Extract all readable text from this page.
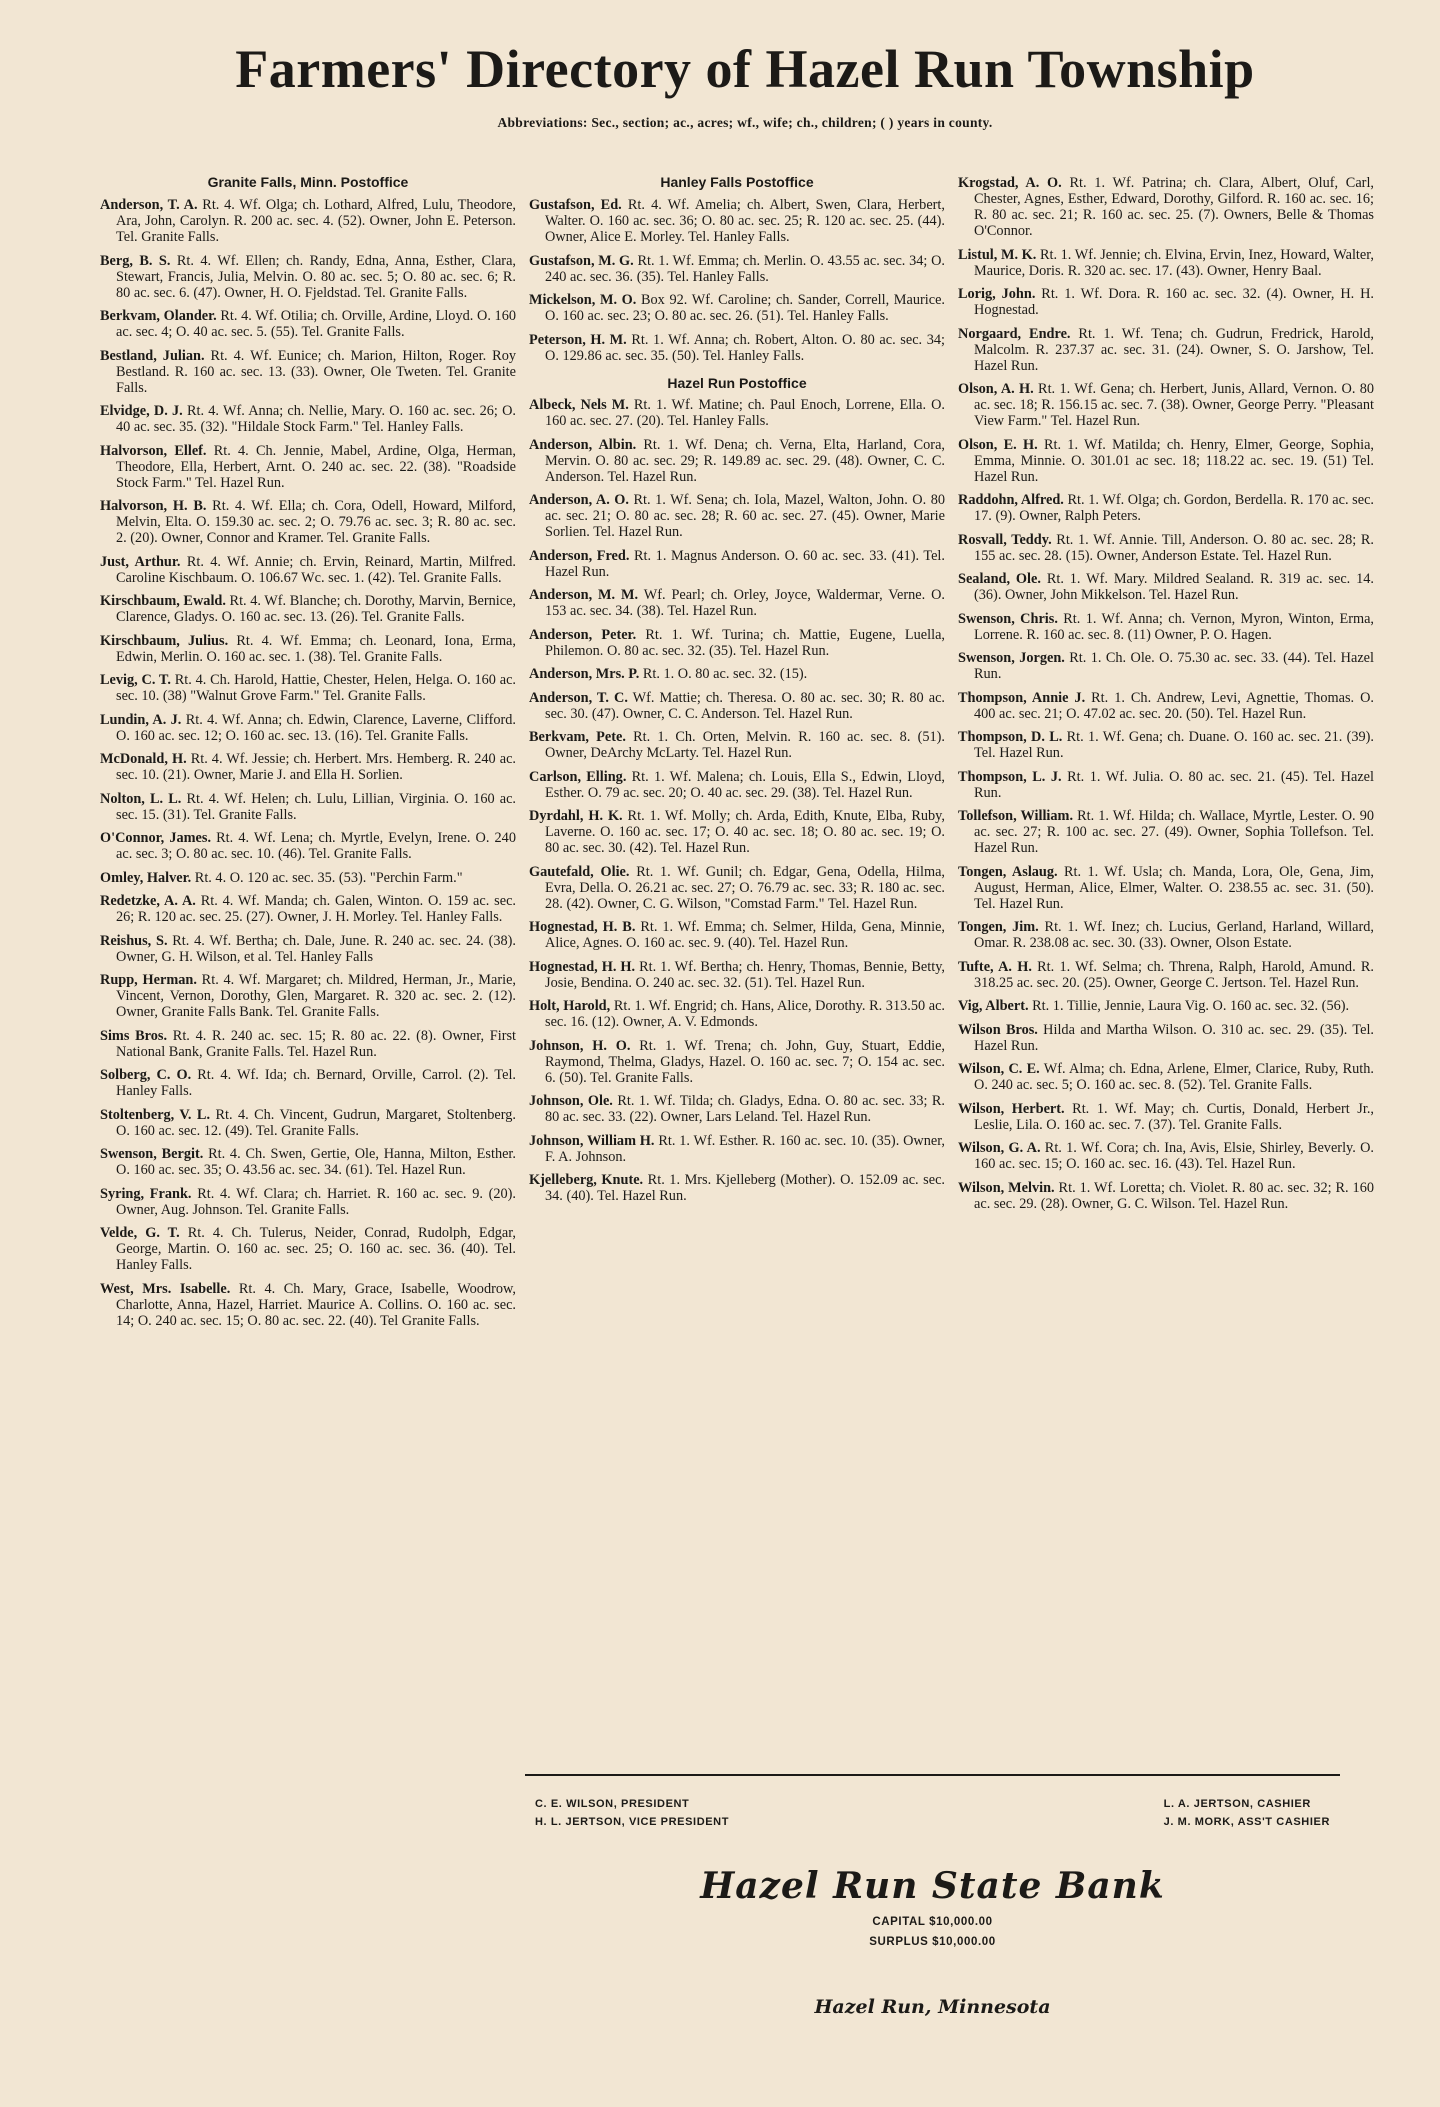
Farmers' Directory of Hazel Run Township
Abbreviations: Sec., section; ac., acres; wf., wife; ch., children; ( ) years in county.
Granite Falls, Minn. Postoffice

Anderson, T. A. Rt. 4. Wf. Olga; ch. Lothard, Alfred, Lulu, Theodore, Ara, John, Carolyn. R. 200 ac. sec. 4. (52). Owner, John E. Peterson. Tel. Granite Falls.

Berg, B. S. Rt. 4. Wf. Ellen; ch. Randy, Edna, Anna, Esther, Clara, Stewart, Francis, Julia, Melvin. O. 80 ac. sec. 5; O. 80 ac. sec. 6; R. 80 ac. sec. 6. (47). Owner, H. O. Fjeldstad. Tel. Granite Falls.

Berkvam, Olander. Rt. 4. Wf. Otilia; ch. Orville, Ardine, Lloyd. O. 160 ac. sec. 4; O. 40 ac. sec. 5. (55). Tel. Granite Falls.

Bestland, Julian. Rt. 4. Wf. Eunice; ch. Marion, Hilton, Roger. Roy Bestland. R. 160 ac. sec. 13. (33). Owner, Ole Tweten. Tel. Granite Falls.

Elvidge, D. J. Rt. 4. Wf. Anna; ch. Nellie, Mary. O. 160 ac. sec. 26; O. 40 ac. sec. 35. (32). "Hildale Stock Farm." Tel. Hanley Falls.

Halvorson, Ellef. Rt. 4. Ch. Jennie, Mabel, Ardine, Olga, Herman, Theodore, Ella, Herbert, Arnt. O. 240 ac. sec. 22. (38). "Roadside Stock Farm." Tel. Hazel Run.

Halvorson, H. B. Rt. 4. Wf. Ella; ch. Cora, Odell, Howard, Milford, Melvin, Elta. O. 159.30 ac. sec. 2; O. 79.76 ac. sec. 3; R. 80 ac. sec. 2. (20). Owner, Connor and Kramer. Tel. Granite Falls.

Just, Arthur. Rt. 4. Wf. Annie; ch. Ervin, Reinard, Martin, Milfred. Caroline Kischbaum. O. 106.67 Wc. sec. 1. (42). Tel. Granite Falls.

Kirschbaum, Ewald. Rt. 4. Wf. Blanche; ch. Dorothy, Marvin, Bernice, Clarence, Gladys. O. 160 ac. sec. 13. (26). Tel. Granite Falls.

Kirschbaum, Julius. Rt. 4. Wf. Emma; ch. Leonard, Iona, Erma, Edwin, Merlin. O. 160 ac. sec. 1. (38). Tel. Granite Falls.

Levig, C. T. Rt. 4. Ch. Harold, Hattie, Chester, Helen, Helga. O. 160 ac. sec. 10. (38) "Walnut Grove Farm." Tel. Granite Falls.

Lundin, A. J. Rt. 4. Wf. Anna; ch. Edwin, Clarence, Laverne, Clifford. O. 160 ac. sec. 12; O. 160 ac. sec. 13. (16). Tel. Granite Falls.

McDonald, H. Rt. 4. Wf. Jessie; ch. Herbert. Mrs. Hemberg. R. 240 ac. sec. 10. (21). Owner, Marie J. and Ella H. Sorlien.

Nolton, L. L. Rt. 4. Wf. Helen; ch. Lulu, Lillian, Virginia. O. 160 ac. sec. 15. (31). Tel. Granite Falls.

O'Connor, James. Rt. 4. Wf. Lena; ch. Myrtle, Evelyn, Irene. O. 240 ac. sec. 3; O. 80 ac. sec. 10. (46). Tel. Granite Falls.

Omley, Halver. Rt. 4. O. 120 ac. sec. 35. (53). "Perchin Farm."

Redetzke, A. A. Rt. 4. Wf. Manda; ch. Galen, Winton. O. 159 ac. sec. 26; R. 120 ac. sec. 25. (27). Owner, J. H. Morley. Tel. Hanley Falls.

Reishus, S. Rt. 4. Wf. Bertha; ch. Dale, June. R. 240 ac. sec. 24. (38). Owner, G. H. Wilson, et al. Tel. Hanley Falls

Rupp, Herman. Rt. 4. Wf. Margaret; ch. Mildred, Herman, Jr., Marie, Vincent, Vernon, Dorothy, Glen, Margaret. R. 320 ac. sec. 2. (12). Owner, Granite Falls Bank. Tel. Granite Falls.

Sims Bros. Rt. 4. R. 240 ac. sec. 15; R. 80 ac. 22. (8). Owner, First National Bank, Granite Falls. Tel. Hazel Run.

Solberg, C. O. Rt. 4. Wf. Ida; ch. Bernard, Orville, Carrol. (2). Tel. Hanley Falls.

Stoltenberg, V. L. Rt. 4. Ch. Vincent, Gudrun, Margaret, Stoltenberg. O. 160 ac. sec. 12. (49). Tel. Granite Falls.

Swenson, Bergit. Rt. 4. Ch. Swen, Gertie, Ole, Hanna, Milton, Esther. O. 160 ac. sec. 35; O. 43.56 ac. sec. 34. (61). Tel. Hazel Run.

Syring, Frank. Rt. 4. Wf. Clara; ch. Harriet. R. 160 ac. sec. 9. (20). Owner, Aug. Johnson. Tel. Granite Falls.

Velde, G. T. Rt. 4. Ch. Tulerus, Neider, Conrad, Rudolph, Edgar, George, Martin. O. 160 ac. sec. 25; O. 160 ac. sec. 36. (40). Tel. Hanley Falls.

West, Mrs. Isabelle. Rt. 4. Ch. Mary, Grace, Isabelle, Woodrow, Charlotte, Anna, Hazel, Harriet. Maurice A. Collins. O. 160 ac. sec. 14; O. 240 ac. sec. 15; O. 80 ac. sec. 22. (40). Tel Granite Falls.

Hanley Falls Postoffice

Gustafson, Ed. Rt. 4. Wf. Amelia; ch. Albert, Swen, Clara, Herbert, Walter. O. 160 ac. sec. 36; O. 80 ac. sec. 25; R. 120 ac. sec. 25. (44). Owner, Alice E. Morley. Tel. Hanley Falls.

Gustafson, M. G. Rt. 1. Wf. Emma; ch. Merlin. O. 43.55 ac. sec. 34; O. 240 ac. sec. 36. (35). Tel. Hanley Falls.

Mickelson, M. O. Box 92. Wf. Caroline; ch. Sander, Correll, Maurice. O. 160 ac. sec. 23; O. 80 ac. sec. 26. (51). Tel. Hanley Falls.

Peterson, H. M. Rt. 1. Wf. Anna; ch. Robert, Alton. O. 80 ac. sec. 34; O. 129.86 ac. sec. 35. (50). Tel. Hanley Falls.

Hazel Run Postoffice

Albeck, Nels M. Rt. 1. Wf. Matine; ch. Paul Enoch, Lorrene, Ella. O. 160 ac. sec. 27. (20). Tel. Hanley Falls.

Anderson, Albin. Rt. 1. Wf. Dena; ch. Verna, Elta, Harland, Cora, Mervin. O. 80 ac. sec. 29; R. 149.89 ac. sec. 29. (48). Owner, C. C. Anderson. Tel. Hazel Run.

Anderson, A. O. Rt. 1. Wf. Sena; ch. Iola, Mazel, Walton, John. O. 80 ac. sec. 21; O. 80 ac. sec. 28; R. 60 ac. sec. 27. (45). Owner, Marie Sorlien. Tel. Hazel Run.

Anderson, Fred. Rt. 1. Magnus Anderson. O. 60 ac. sec. 33. (41). Tel. Hazel Run.

Anderson, M. M. Wf. Pearl; ch. Orley, Joyce, Waldermar, Verne. O. 153 ac. sec. 34. (38). Tel. Hazel Run.

Anderson, Peter. Rt. 1. Wf. Turina; ch. Mattie, Eugene, Luella, Philemon. O. 80 ac. sec. 32. (35). Tel. Hazel Run.

Anderson, Mrs. P. Rt. 1. O. 80 ac. sec. 32. (15).

Anderson, T. C. Wf. Mattie; ch. Theresa. O. 80 ac. sec. 30; R. 80 ac. sec. 30. (47). Owner, C. C. Anderson. Tel. Hazel Run.

Berkvam, Pete. Rt. 1. Ch. Orten, Melvin. R. 160 ac. sec. 8. (51). Owner, DeArchy McLarty. Tel. Hazel Run.

Carlson, Elling. Rt. 1. Wf. Malena; ch. Louis, Ella S., Edwin, Lloyd, Esther. O. 79 ac. sec. 20; O. 40 ac. sec. 29. (38). Tel. Hazel Run.

Dyrdahl, H. K. Rt. 1. Wf. Molly; ch. Arda, Edith, Knute, Elba, Ruby, Laverne. O. 160 ac. sec. 17; O. 40 ac. sec. 18; O. 80 ac. sec. 19; O. 80 ac. sec. 30. (42). Tel. Hazel Run.

Gautefald, Olie. Rt. 1. Wf. Gunil; ch. Edgar, Gena, Odella, Hilma, Evra, Della. O. 26.21 ac. sec. 27; O. 76.79 ac. sec. 33; R. 180 ac. sec. 28. (42). Owner, C. G. Wilson, "Comstad Farm." Tel. Hazel Run.

Hognestad, H. B. Rt. 1. Wf. Emma; ch. Selmer, Hilda, Gena, Minnie, Alice, Agnes. O. 160 ac. sec. 9. (40). Tel. Hazel Run.

Hognestad, H. H. Rt. 1. Wf. Bertha; ch. Henry, Thomas, Bennie, Betty, Josie, Bendina. O. 240 ac. sec. 32. (51). Tel. Hazel Run.

Holt, Harold, Rt. 1. Wf. Engrid; ch. Hans, Alice, Dorothy. R. 313.50 ac. sec. 16. (12). Owner, A. V. Edmonds.

Johnson, H. O. Rt. 1. Wf. Trena; ch. John, Guy, Stuart, Eddie, Raymond, Thelma, Gladys, Hazel. O. 160 ac. sec. 7; O. 154 ac. sec. 6. (50). Tel. Granite Falls.

Johnson, Ole. Rt. 1. Wf. Tilda; ch. Gladys, Edna. O. 80 ac. sec. 33; R. 80 ac. sec. 33. (22). Owner, Lars Leland. Tel. Hazel Run.

Johnson, William H. Rt. 1. Wf. Esther. R. 160 ac. sec. 10. (35). Owner, F. A. Johnson.

Kjelleberg, Knute. Rt. 1. Mrs. Kjelleberg (Mother). O. 152.09 ac. sec. 34. (40). Tel. Hazel Run.

Krogstad, A. O. Rt. 1. Wf. Patrina; ch. Clara, Albert, Oluf, Carl, Chester, Agnes, Esther, Edward, Dorothy, Gilford. R. 160 ac. sec. 16; R. 80 ac. sec. 21; R. 160 ac. sec. 25. (7). Owners, Belle & Thomas O'Connor.

Listul, M. K. Rt. 1. Wf. Jennie; ch. Elvina, Ervin, Inez, Howard, Walter, Maurice, Doris. R. 320 ac. sec. 17. (43). Owner, Henry Baal.

Lorig, John. Rt. 1. Wf. Dora. R. 160 ac. sec. 32. (4). Owner, H. H. Hognestad.

Norgaard, Endre. Rt. 1. Wf. Tena; ch. Gudrun, Fredrick, Harold, Malcolm. R. 237.37 ac. sec. 31. (24). Owner, S. O. Jarshow, Tel. Hazel Run.

Olson, A. H. Rt. 1. Wf. Gena; ch. Herbert, Junis, Allard, Vernon. O. 80 ac. sec. 18; R. 156.15 ac. sec. 7. (38). Owner, George Perry. "Pleasant View Farm." Tel. Hazel Run.

Olson, E. H. Rt. 1. Wf. Matilda; ch. Henry, Elmer, George, Sophia, Emma, Minnie. O. 301.01 ac sec. 18; 118.22 ac. sec. 19. (51) Tel. Hazel Run.

Raddohn, Alfred. Rt. 1. Wf. Olga; ch. Gordon, Berdella. R. 170 ac. sec. 17. (9). Owner, Ralph Peters.

Rosvall, Teddy. Rt. 1. Wf. Annie. Till, Anderson. O. 80 ac. sec. 28; R. 155 ac. sec. 28. (15). Owner, Anderson Estate. Tel. Hazel Run.

Sealand, Ole. Rt. 1. Wf. Mary. Mildred Sealand. R. 319 ac. sec. 14. (36). Owner, John Mikkelson. Tel. Hazel Run.

Swenson, Chris. Rt. 1. Wf. Anna; ch. Vernon, Myron, Winton, Erma, Lorrene. R. 160 ac. sec. 8. (11) Owner, P. O. Hagen.

Swenson, Jorgen. Rt. 1. Ch. Ole. O. 75.30 ac. sec. 33. (44). Tel. Hazel Run.

Thompson, Annie J. Rt. 1. Ch. Andrew, Levi, Agnettie, Thomas. O. 400 ac. sec. 21; O. 47.02 ac. sec. 20. (50). Tel. Hazel Run.

Thompson, D. L. Rt. 1. Wf. Gena; ch. Duane. O. 160 ac. sec. 21. (39). Tel. Hazel Run.

Thompson, L. J. Rt. 1. Wf. Julia. O. 80 ac. sec. 21. (45). Tel. Hazel Run.

Tollefson, William. Rt. 1. Wf. Hilda; ch. Wallace, Myrtle, Lester. O. 90 ac. sec. 27; R. 100 ac. sec. 27. (49). Owner, Sophia Tollefson. Tel. Hazel Run.

Tongen, Aslaug. Rt. 1. Wf. Usla; ch. Manda, Lora, Ole, Gena, Jim, August, Herman, Alice, Elmer, Walter. O. 238.55 ac. sec. 31. (50). Tel. Hazel Run.

Tongen, Jim. Rt. 1. Wf. Inez; ch. Lucius, Gerland, Harland, Willard, Omar. R. 238.08 ac. sec. 30. (33). Owner, Olson Estate.

Tufte, A. H. Rt. 1. Wf. Selma; ch. Threna, Ralph, Harold, Amund. R. 318.25 ac. sec. 20. (25). Owner, George C. Jertson. Tel. Hazel Run.

Vig, Albert. Rt. 1. Tillie, Jennie, Laura Vig. O. 160 ac. sec. 32. (56).

Wilson Bros. Hilda and Martha Wilson. O. 310 ac. sec. 29. (35). Tel. Hazel Run.

Wilson, C. E. Wf. Alma; ch. Edna, Arlene, Elmer, Clarice, Ruby, Ruth. O. 240 ac. sec. 5; O. 160 ac. sec. 8. (52). Tel. Granite Falls.

Wilson, Herbert. Rt. 1. Wf. May; ch. Curtis, Donald, Herbert Jr., Leslie, Lila. O. 160 ac. sec. 7. (37). Tel. Granite Falls.

Wilson, G. A. Rt. 1. Wf. Cora; ch. Ina, Avis, Elsie, Shirley, Beverly. O. 160 ac. sec. 15; O. 160 ac. sec. 16. (43). Tel. Hazel Run.

Wilson, Melvin. Rt. 1. Wf. Loretta; ch. Violet. R. 80 ac. sec. 32; R. 160 ac. sec. 29. (28). Owner, G. C. Wilson. Tel. Hazel Run.

C. E. WILSON, PRESIDENT
H. L. JERTSON, VICE PRESIDENT
L. A. JERTSON, CASHIER
J. M. MORK, ASS'T CASHIER
Hazel Run State Bank
CAPITAL $10,000.00
SURPLUS $10,000.00
Hazel Run, Minnesota
